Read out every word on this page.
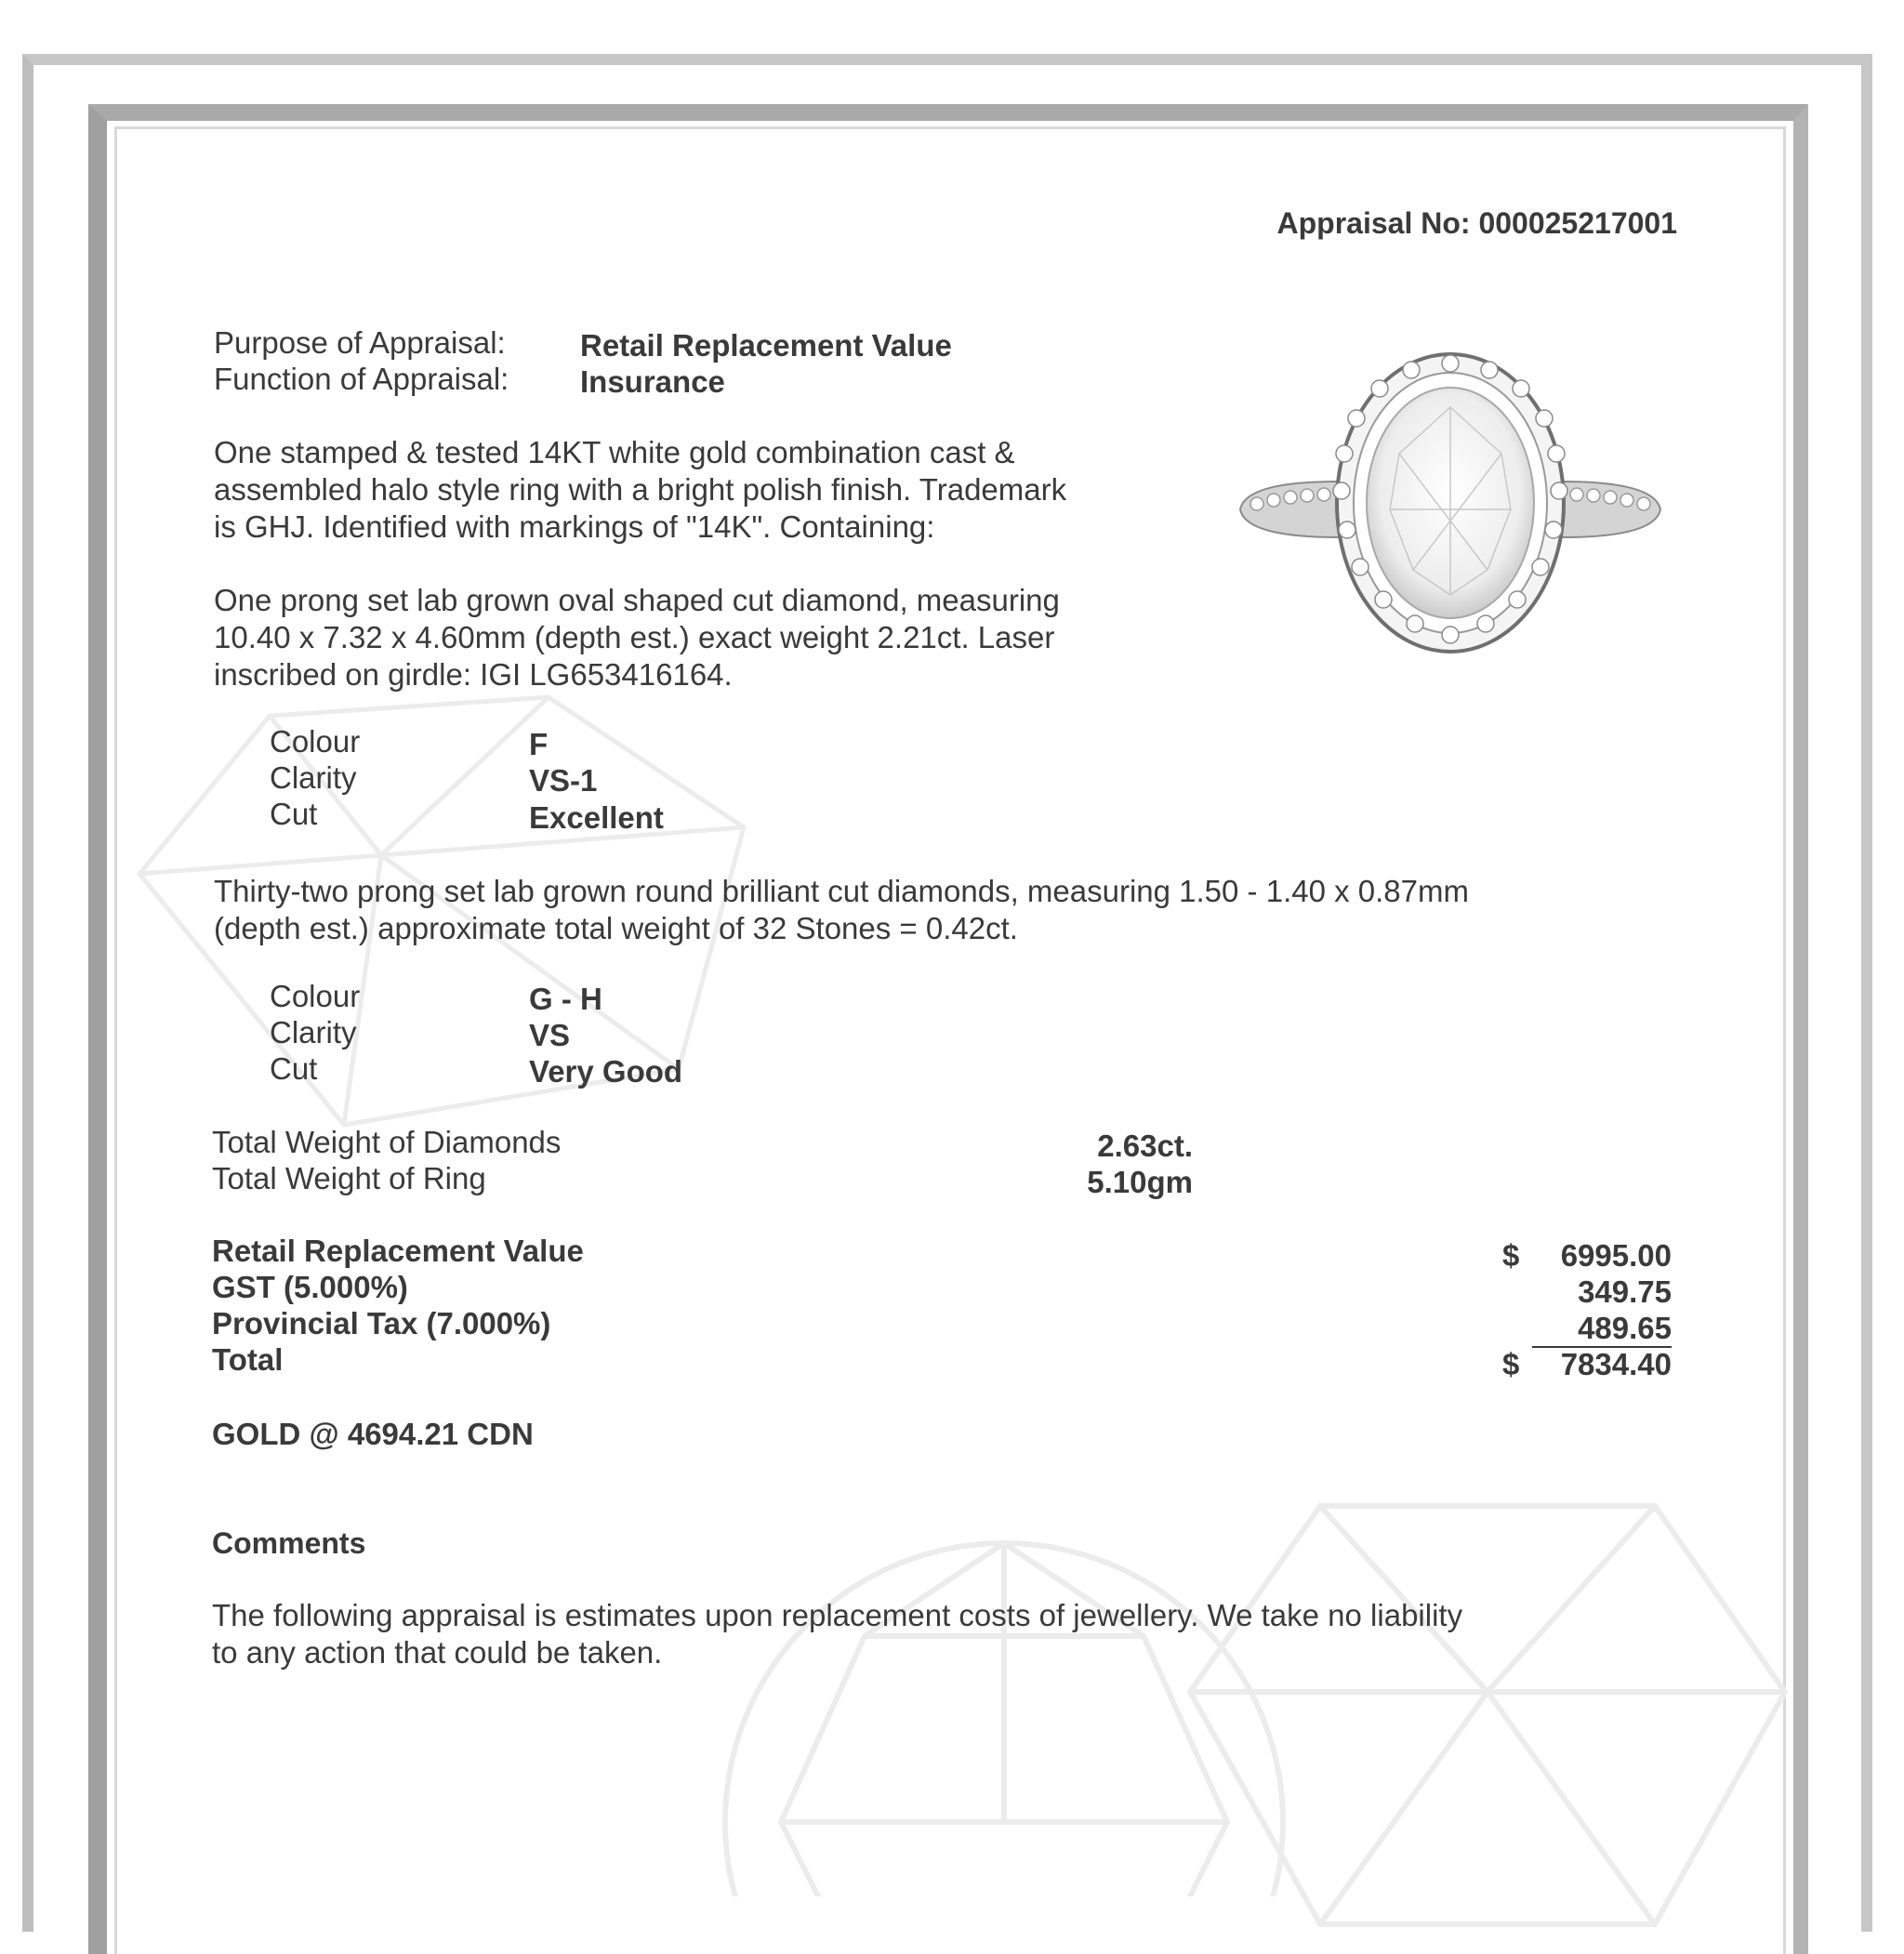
Appraisal No: 000025217001
Purpose of Appraisal: Retail Replacement Value
Function of Appraisal: Insurance
One stamped & tested 14KT white gold combination cast &
assembled halo style ring with a bright polish finish. Trademark
is GHJ. Identified with markings of "14K". Containing:
One prong set lab grown oval shaped cut diamond, measuring
10.40 x 7.32 x 4.60mm (depth est.) exact weight 2.21ct. Laser
inscribed on girdle: IGI LG653416164.
Colour	F
Clarity	VS-1
Cut	Excellent
Thirty-two prong set lab grown round brilliant cut diamonds, measuring 1.50 - 1.40 x 0.87mm
(depth est.) approximate total weight of 32 Stones = 0.42ct.
Colour	G - H
Clarity	VS
Cut	Very Good
Total Weight of Diamonds	2.63ct.
Total Weight of Ring	5.10gm
Retail Replacement Value	$ 6995.00
GST (5.000%)	349.75
Provincial Tax (7.000%)	489.65
Total	$ 7834.40
GOLD @ 4694.21 CDN
Comments
The following appraisal is estimates upon replacement costs of jewellery. We take no liability
to any action that could be taken.
